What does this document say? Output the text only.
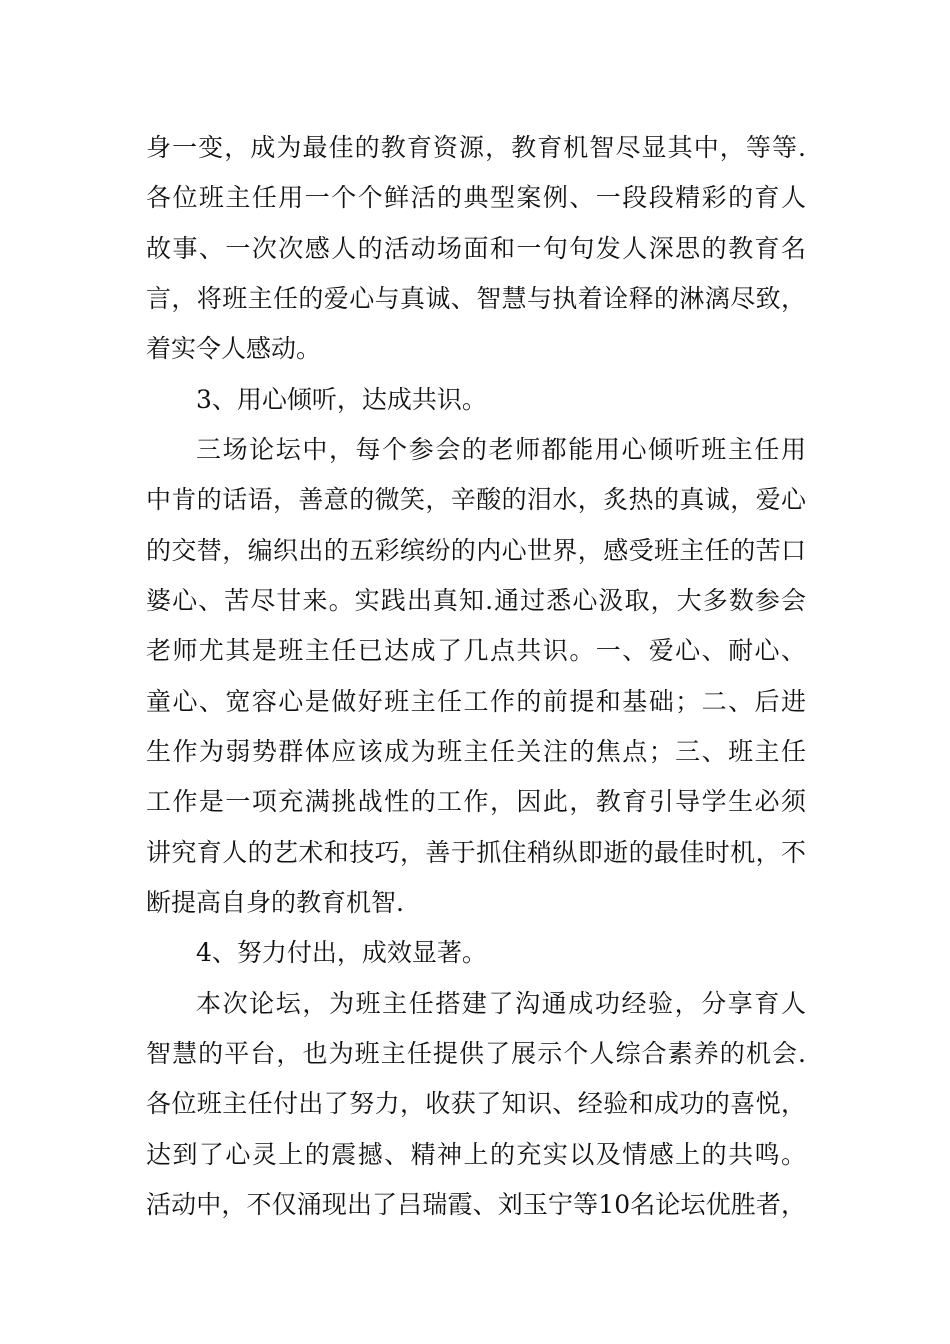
身一变，成为最佳的教育资源，教育机智尽显其中，等等.
各位班主任用一个个鲜活的典型案例、一段段精彩的育人
故事、一次次感人的活动场面和一句句发人深思的教育名
言，将班主任的爱心与真诚、智慧与执着诠释的淋漓尽致，
着实令人感动。
3、用心倾听，达成共识。
三场论坛中，每个参会的老师都能用心倾听班主任用
中肯的话语，善意的微笑，辛酸的泪水，炙热的真诚，爱心
的交替，编织出的五彩缤纷的内心世界，感受班主任的苦口
婆心、苦尽甘来。实践出真知.通过悉心汲取，大多数参会
老师尤其是班主任已达成了几点共识。一、爱心、耐心、
童心、宽容心是做好班主任工作的前提和基础；二、后进
生作为弱势群体应该成为班主任关注的焦点；三、班主任
工作是一项充满挑战性的工作，因此，教育引导学生必须
讲究育人的艺术和技巧，善于抓住稍纵即逝的最佳时机，不
断提高自身的教育机智.
4、努力付出，成效显著。
本次论坛，为班主任搭建了沟通成功经验，分享育人
智慧的平台，也为班主任提供了展示个人综合素养的机会.
各位班主任付出了努力，收获了知识、经验和成功的喜悦，
达到了心灵上的震撼、精神上的充实以及情感上的共鸣。
活动中，不仅涌现出了吕瑞霞、刘玉宁等10名论坛优胜者，
